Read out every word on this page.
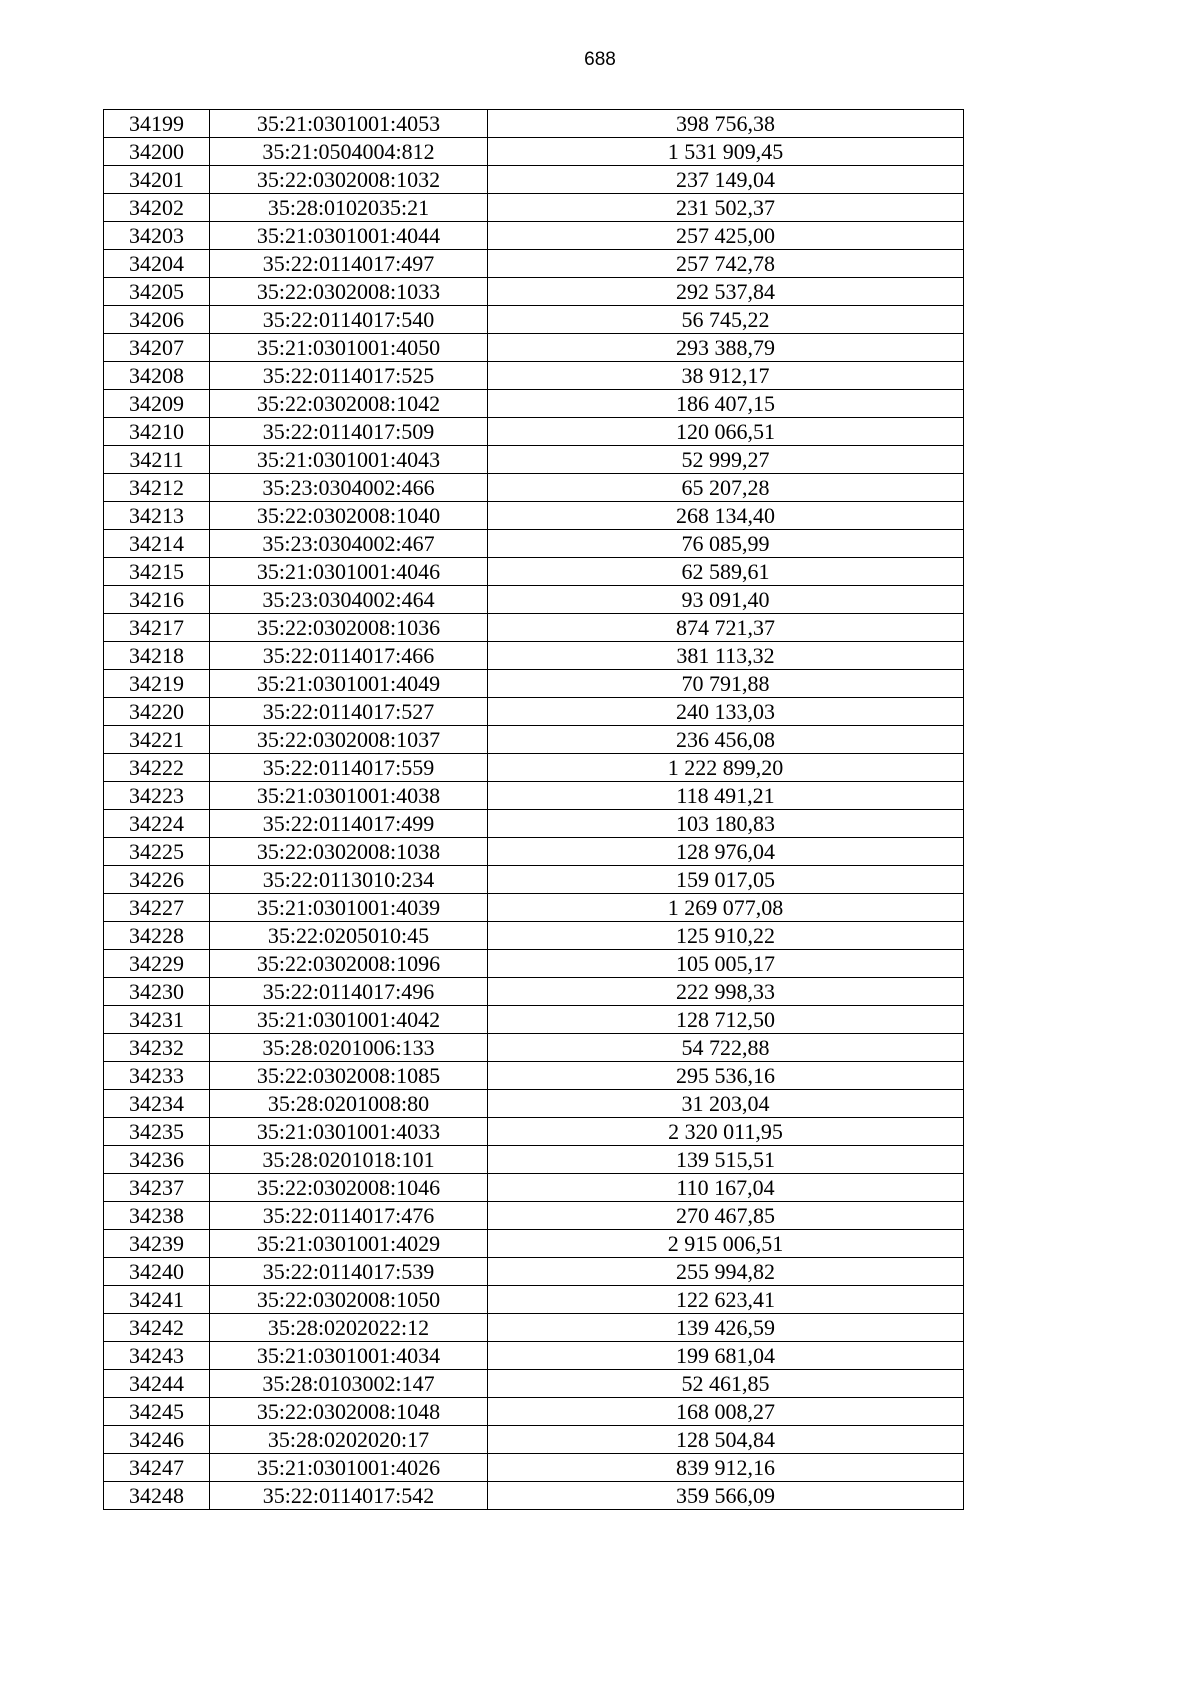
688
34199	35:21:0301001:4053	398 756,38
34200	35:21:0504004:812	1 531 909,45
34201	35:22:0302008:1032	237 149,04
34202	35:28:0102035:21	231 502,37
34203	35:21:0301001:4044	257 425,00
34204	35:22:0114017:497	257 742,78
34205	35:22:0302008:1033	292 537,84
34206	35:22:0114017:540	56 745,22
34207	35:21:0301001:4050	293 388,79
34208	35:22:0114017:525	38 912,17
34209	35:22:0302008:1042	186 407,15
34210	35:22:0114017:509	120 066,51
34211	35:21:0301001:4043	52 999,27
34212	35:23:0304002:466	65 207,28
34213	35:22:0302008:1040	268 134,40
34214	35:23:0304002:467	76 085,99
34215	35:21:0301001:4046	62 589,61
34216	35:23:0304002:464	93 091,40
34217	35:22:0302008:1036	874 721,37
34218	35:22:0114017:466	381 113,32
34219	35:21:0301001:4049	70 791,88
34220	35:22:0114017:527	240 133,03
34221	35:22:0302008:1037	236 456,08
34222	35:22:0114017:559	1 222 899,20
34223	35:21:0301001:4038	118 491,21
34224	35:22:0114017:499	103 180,83
34225	35:22:0302008:1038	128 976,04
34226	35:22:0113010:234	159 017,05
34227	35:21:0301001:4039	1 269 077,08
34228	35:22:0205010:45	125 910,22
34229	35:22:0302008:1096	105 005,17
34230	35:22:0114017:496	222 998,33
34231	35:21:0301001:4042	128 712,50
34232	35:28:0201006:133	54 722,88
34233	35:22:0302008:1085	295 536,16
34234	35:28:0201008:80	31 203,04
34235	35:21:0301001:4033	2 320 011,95
34236	35:28:0201018:101	139 515,51
34237	35:22:0302008:1046	110 167,04
34238	35:22:0114017:476	270 467,85
34239	35:21:0301001:4029	2 915 006,51
34240	35:22:0114017:539	255 994,82
34241	35:22:0302008:1050	122 623,41
34242	35:28:0202022:12	139 426,59
34243	35:21:0301001:4034	199 681,04
34244	35:28:0103002:147	52 461,85
34245	35:22:0302008:1048	168 008,27
34246	35:28:0202020:17	128 504,84
34247	35:21:0301001:4026	839 912,16
34248	35:22:0114017:542	359 566,09
